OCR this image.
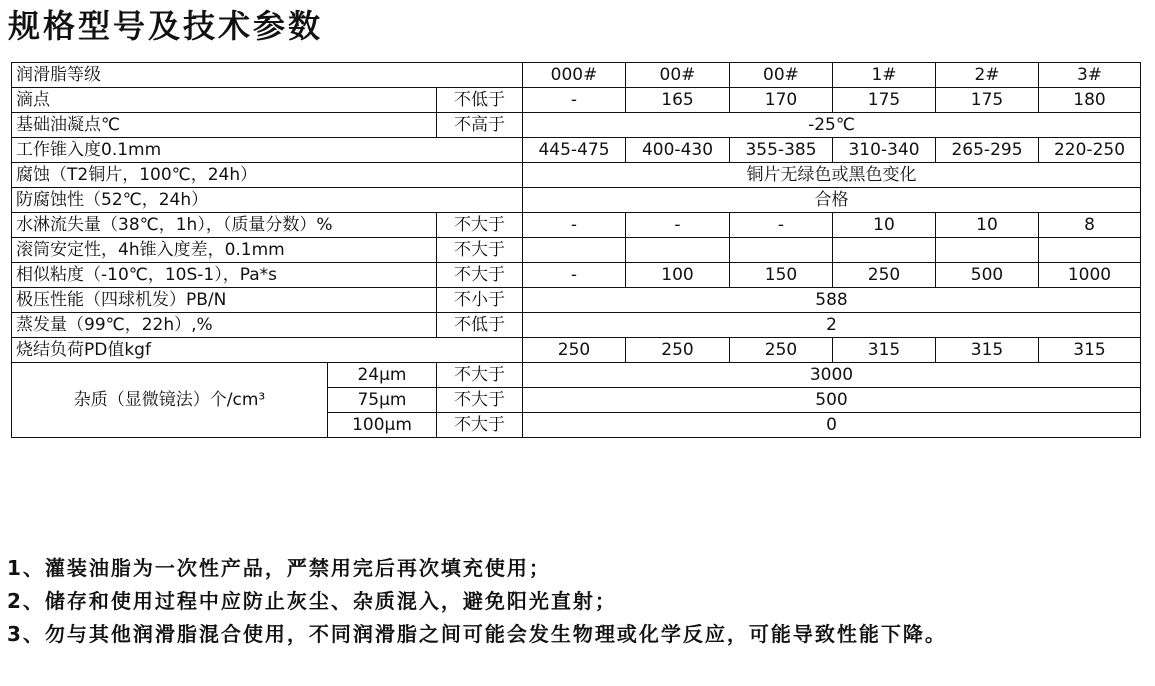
规格型号及技术参数
润滑脂等级			000#	00#	00#	1#	2#	3#
滴点		不低于	-	165	170	175	175	180
基础油凝点℃		不高于	-25℃					
工作锥入度0.1mm			445-475	400-430	355-385	310-340	265-295	220-250
腐蚀（T2铜片，100℃，24h）			铜片无绿色或黑色变化					
防腐蚀性（52℃，24h）			合格					
水淋流失量（38℃，1h），（质量分数）%		不大于	-	-	-	10	10	8
滚筒安定性，4h锥入度差，0.1mm		不大于						
相似粘度（-10℃，10S-1），Pa*s		不大于	-	100	150	250	500	1000
极压性能（四球机发）PB/N		不小于	588					
蒸发量（99℃，22h）,%		不低于	2					
烧结负荷PD值kgf			250	250	250	315	315	315
杂质（显微镜法）个/cm³	24μm	不大于	3000					
	75μm	不大于	500					
	100μm	不大于	0					
1、灌装油脂为一次性产品，严禁用完后再次填充使用；
2、储存和使用过程中应防止灰尘、杂质混入，避免阳光直射；
3、勿与其他润滑脂混合使用，不同润滑脂之间可能会发生物理或化学反应，可能导致性能下降。
